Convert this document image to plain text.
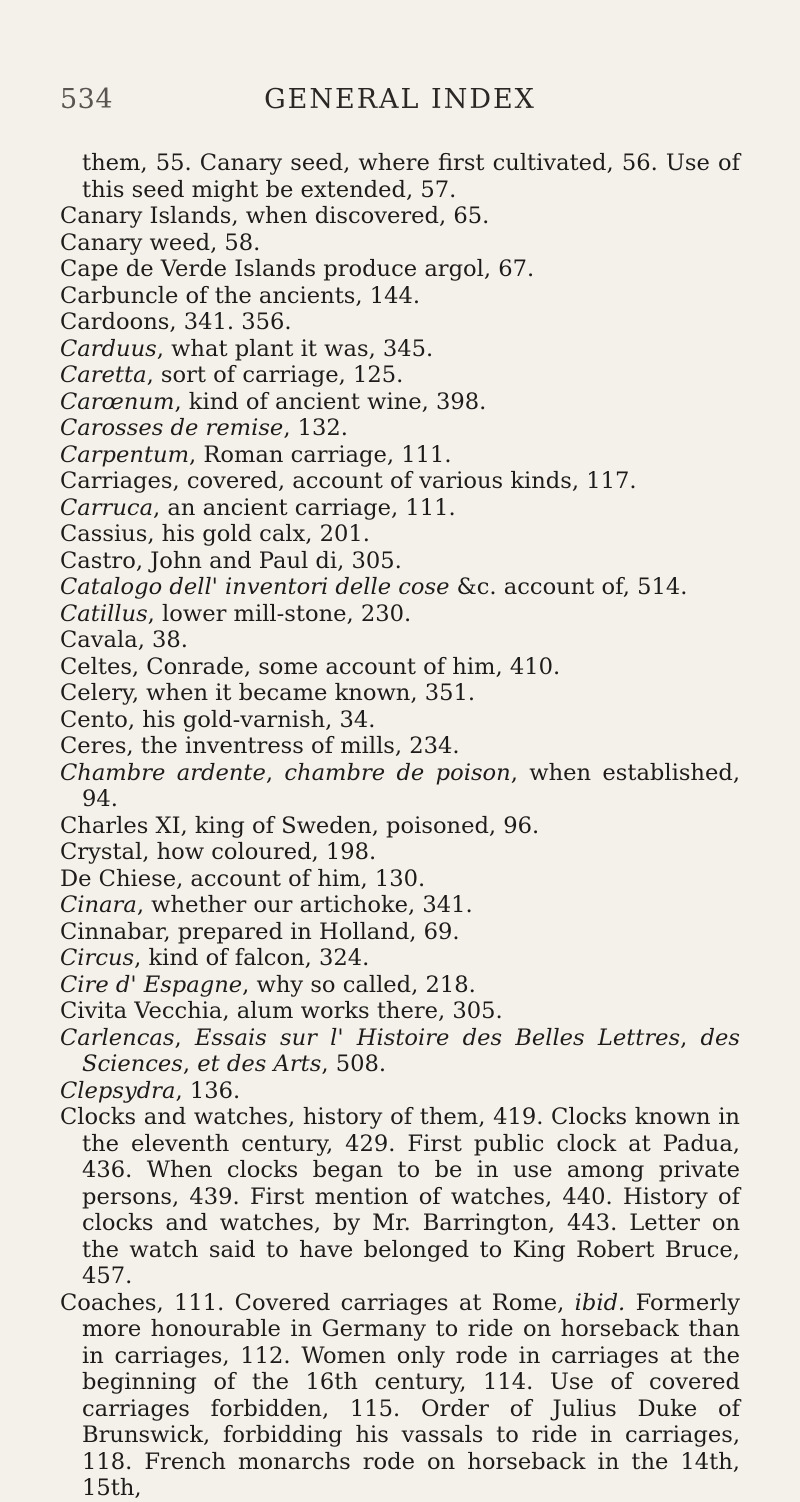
534	GENERAL INDEX

them, 55. Canary seed, where first cultivated, 56. Use of this seed might be extended, 57.

Canary Islands, when discovered, 65.

Canary weed, 58.

Cape de Verde Islands produce argol, 67.

Carbuncle of the ancients, 144.

Cardoons, 341. 356.

Carduus, what plant it was, 345.

Caretta, sort of carriage, 125.

Carœnum, kind of ancient wine, 398.

Carosses de remise, 132.

Carpentum, Roman carriage, 111.

Carriages, covered, account of various kinds, 117.

Carruca, an ancient carriage, 111.

Cassius, his gold calx, 201.

Castro, John and Paul di, 305.

Catalogo dell' inventori delle cose &c. account of, 514.

Catillus, lower mill-stone, 230.

Cavala, 38.

Celtes, Conrade, some account of him, 410.

Celery, when it became known, 351.

Cento, his gold-varnish, 34.

Ceres, the inventress of mills, 234.

Chambre ardente, chambre de poison, when established, 94.

Charles XI, king of Sweden, poisoned, 96.

Crystal, how coloured, 198.

De Chiese, account of him, 130.

Cinara, whether our artichoke, 341.

Cinnabar, prepared in Holland, 69.

Circus, kind of falcon, 324.

Cire d' Espagne, why so called, 218.

Civita Vecchia, alum works there, 305.

Carlencas, Essais sur l' Histoire des Belles Lettres, des Sciences, et des Arts, 508.

Clepsydra, 136.

Clocks and watches, history of them, 419. Clocks known in the eleventh century, 429. First public clock at Padua, 436. When clocks began to be in use among private persons, 439. First mention of watches, 440. History of clocks and watches, by Mr. Barrington, 443. Letter on the watch said to have belonged to King Robert Bruce, 457.

Coaches, 111. Covered carriages at Rome, ibid. Formerly more honourable in Germany to ride on horseback than in carriages, 112. Women only rode in carriages at the beginning of the 16th century, 114. Use of covered carriages forbidden, 115. Order of Julius Duke of Brunswick, forbidding his vassals to ride in carriages, 118. French monarchs rode on horseback in the 14th, 15th,
